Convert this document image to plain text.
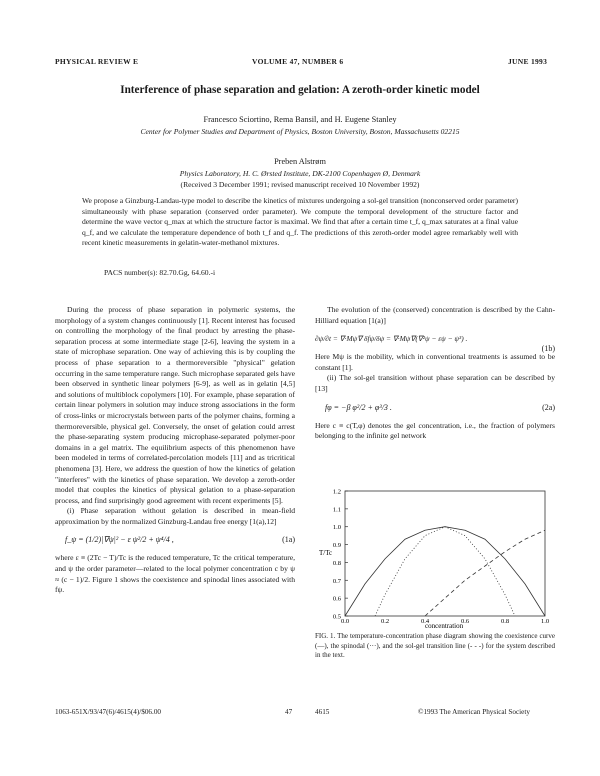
PHYSICAL REVIEW E	VOLUME 47, NUMBER 6	JUNE 1993
Interference of phase separation and gelation: A zeroth-order kinetic model
Francesco Sciortino, Rema Bansil, and H. Eugene Stanley
Center for Polymer Studies and Department of Physics, Boston University, Boston, Massachusetts 02215
Preben Alstrøm
Physics Laboratory, H. C. Ørsted Institute, DK-2100 Copenhagen Ø, Denmark
(Received 3 December 1991; revised manuscript received 10 November 1992)
We propose a Ginzburg-Landau-type model to describe the kinetics of mixtures undergoing a sol-gel transition (nonconserved order parameter) simultaneously with phase separation (conserved order parameter). We compute the temporal development of the structure factor and determine the wave vector q_max at which the structure factor is maximal. We find that after a certain time t_f, q_max saturates at a final value q_f, and we calculate the temperature dependence of both t_f and q_f. The predictions of this zeroth-order model agree remarkably well with recent kinetic measurements in gelatin-water-methanol mixtures.
PACS number(s): 82.70.Gg, 64.60.-i

During the process of phase separation in polymeric systems, the morphology of a system changes continuously [1]. Recent interest has focused on controlling the morphology of the final product by arresting the phase-separation process at some intermediate stage [2-6], leaving the system in a state of microphase separation. One way of achieving this is by coupling the process of phase separation to a thermoreversible "physical" gelation occurring in the same temperature range. Such microphase separated gels have been observed in synthetic linear polymers [6-9], as well as in gelatin [4,5] and solutions of multiblock copolymers [10]. For example, phase separation of certain linear polymers in solution may induce strong associations in the form of cross-links or microcrystals between parts of the polymer chains, forming a thermoreversible, physical gel. Conversely, the onset of gelation could arrest the phase-separating system producing microphase-separated polymer-poor domains in a gel matrix. The equilibrium aspects of this phenomenon have been modeled in terms of correlated-percolation models [11] and as tricritical phenomena [3]. Here, we address the question of how the kinetics of gelation "interferes" with the kinetics of phase separation. We develop a zeroth-order model that couples the kinetics of physical gelation to a phase-separation process, and find surprisingly good agreement with recent experiments [5].

(i) Phase separation without gelation is described in mean-field approximation by the normalized Ginzburg-Landau free energy [1(a),12]

f_ψ = (1/2)|∇ψ|² − ε ψ²/2 + ψ⁴/4 ,	(1a)

where ε ≡ (2Tc − T)/Tc is the reduced temperature, Tc the critical temperature, and ψ the order parameter—related to the local polymer concentration c by ψ ≈ (c − 1)/2. Figure 1 shows the coexistence and spinodal lines associated with fψ.

The evolution of the (conserved) concentration is described by the Cahn-Hilliard equation [1(a)]

∂ψ/∂t = ∇·Mψ∇ δfψ/δψ = ∇·Mψ∇(∇²ψ − εψ − ψ³) .
(1b)

Here Mψ is the mobility, which in conventional treatments is assumed to be constant [1].

(ii) The sol-gel transition without phase separation can be described by [13]

fφ = −β φ²/2 + φ³/3 .	(2a)

Here c ≡ c(T,φ) denotes the gel concentration, i.e., the fraction of polymers belonging to the infinite gel network

1.2
1.1
1.0
0.9
0.8
0.7
0.6
0.5
0.0	0.2	0.4	0.6	0.8	1.0
T/Tc
concentration
FIG. 1. The temperature-concentration phase diagram showing the coexistence curve (—), the spinodal (···), and the sol-gel transition line (- - -) for the system described in the text.
1063-651X/93/47(6)/4615(4)/$06.00	47	4615	©1993 The American Physical Society
